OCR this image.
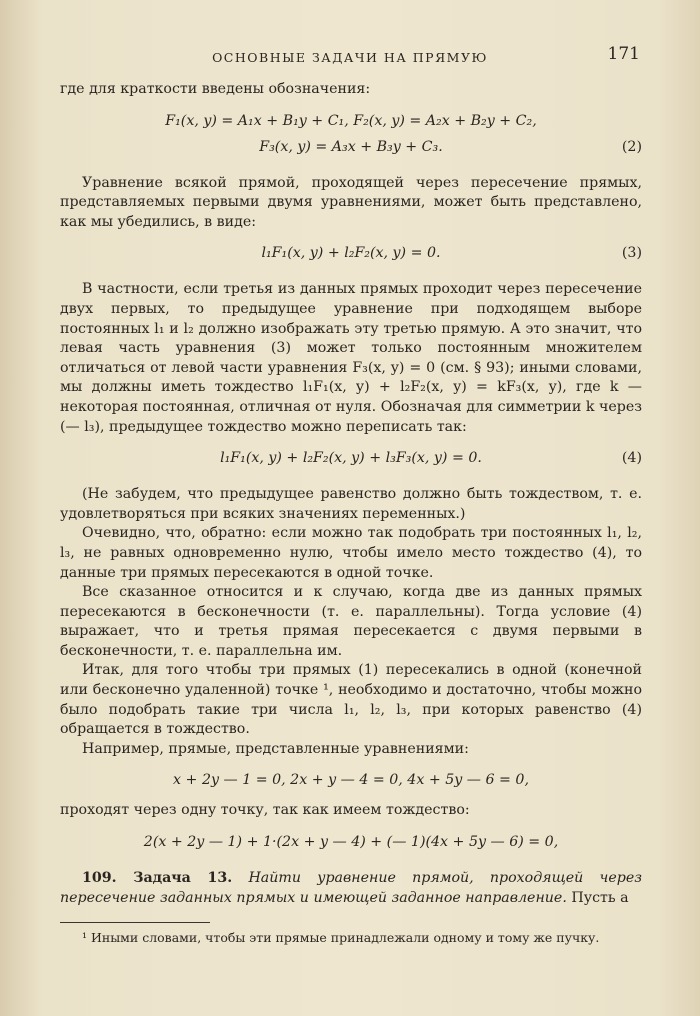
ОСНОВНЫЕ ЗАДАЧИ НА ПРЯМУЮ	171

где для краткости введены обозначения:

F₁(x, y) = A₁x + B₁y + C₁, F₂(x, y) = A₂x + B₂y + C₂,
F₃(x, y) = A₃x + B₃y + C₃.	(2)

Уравнение всякой прямой, проходящей через пересечение прямых, представляемых первыми двумя уравнениями, может быть представлено, как мы убедились, в виде:

l₁F₁(x, y) + l₂F₂(x, y) = 0.	(3)

В частности, если третья из данных прямых проходит через пересечение двух первых, то предыдущее уравнение при подходящем выборе постоянных l₁ и l₂ должно изображать эту третью прямую. А это значит, что левая часть уравнения (3) может только постоянным множителем отличаться от левой части уравнения F₃(x, y) = 0 (см. § 93); иными словами, мы должны иметь тождество l₁F₁(x, y) + l₂F₂(x, y) = kF₃(x, y), где k — некоторая постоянная, отличная от нуля. Обозначая для симметрии k через (— l₃), предыдущее тождество можно переписать так:

l₁F₁(x, y) + l₂F₂(x, y) + l₃F₃(x, y) = 0.	(4)

(Не забудем, что предыдущее равенство должно быть тождеством, т. е. удовлетворяться при всяких значениях переменных.)

Очевидно, что, обратно: если можно так подобрать три постоянных l₁, l₂, l₃, не равных одновременно нулю, чтобы имело место тождество (4), то данные три прямых пересекаются в одной точке.

Все сказанное относится и к случаю, когда две из данных прямых пересекаются в бесконечности (т. е. параллельны). Тогда условие (4) выражает, что и третья прямая пересекается с двумя первыми в бесконечности, т. е. параллельна им.

Итак, для того чтобы три прямых (1) пересекались в одной (конечной или бесконечно удаленной) точке ¹, необходимо и достаточно, чтобы можно было подобрать такие три числа l₁, l₂, l₃, при которых равенство (4) обращается в тождество.

Например, прямые, представленные уравнениями:

x + 2y — 1 = 0, 2x + y — 4 = 0, 4x + 5y — 6 = 0,

проходят через одну точку, так как имеем тождество:

2(x + 2y — 1) + 1·(2x + y — 4) + (— 1)(4x + 5y — 6) = 0,

109. Задача 13. Найти уравнение прямой, проходящей через пересечение заданных прямых и имеющей заданное направление. Пусть a

¹ Иными словами, чтобы эти прямые принадлежали одному и тому же пучку.
